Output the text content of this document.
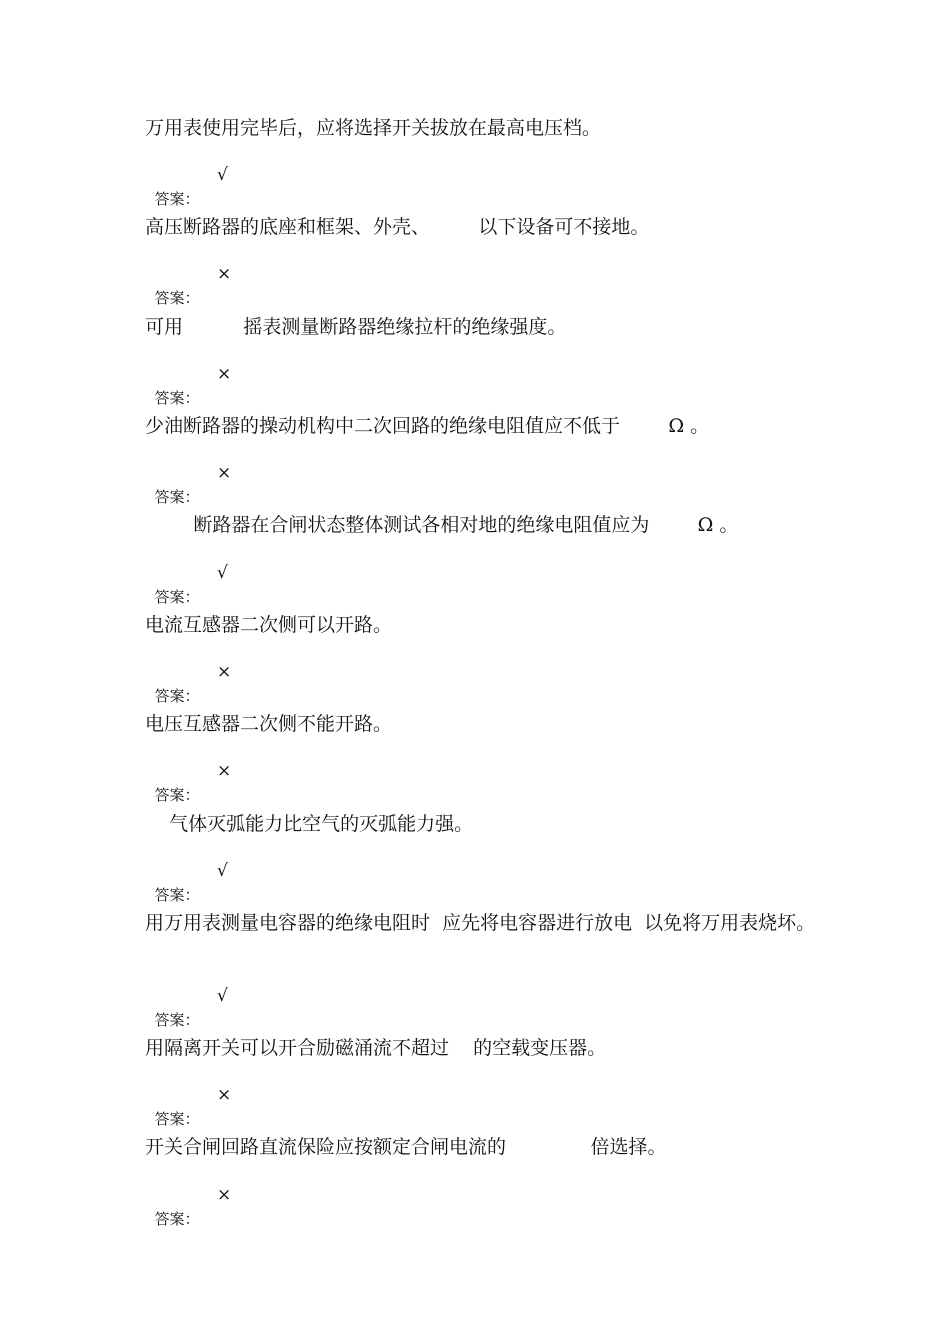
万用表使用完毕后，应将选择开关拔放在最高电压档。

答案：

√

高压断路器的底座和框架、外壳、        以下设备可不接地。

答案：

×

可用          摇表测量断路器绝缘拉杆的绝缘强度。

答案：

×

少油断路器的操动机构中二次回路的绝缘电阻值应不低于        Ω 。

答案：

×

断路器在合闸状态整体测试各相对地的绝缘电阻值应为        Ω 。

答案：

√

电流互感器二次侧可以开路。

答案：

×

电压互感器二次侧不能开路。

答案：

×

气体灭弧能力比空气的灭弧能力强。

答案：

√

用万用表测量电容器的绝缘电阻时  应先将电容器进行放电  以免将万用表烧坏。

答案：

√

用隔离开关可以开合励磁涌流不超过    的空载变压器。

答案：

×

开关合闸回路直流保险应按额定合闸电流的              倍选择。

答案：

×
